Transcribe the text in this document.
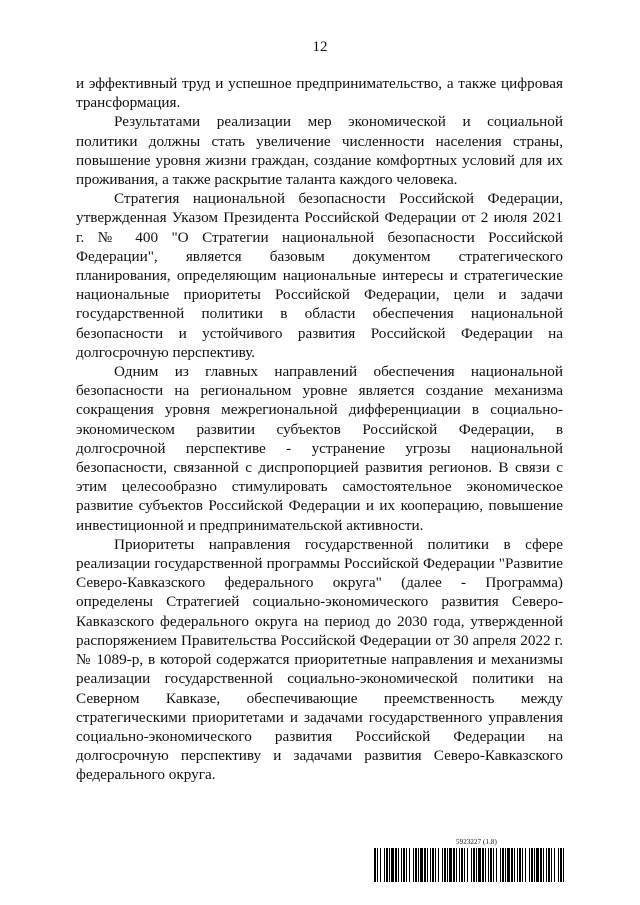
12

и эффективный труд и успешное предпринимательство, а также цифровая трансформация.

Результатами реализации мер экономической и социальной политики должны стать увеличение численности населения страны, повышение уровня жизни граждан, создание комфортных условий для их проживания, а также раскрытие таланта каждого человека.

Стратегия национальной безопасности Российской Федерации, утвержденная Указом Президента Российской Федерации от 2 июля 2021 г. № 400 "О Стратегии национальной безопасности Российской Федерации", является базовым документом стратегического планирования, определяющим национальные интересы и стратегические национальные приоритеты Российской Федерации, цели и задачи государственной политики в области обеспечения национальной безопасности и устойчивого развития Российской Федерации на долгосрочную перспективу.

Одним из главных направлений обеспечения национальной безопасности на региональном уровне является создание механизма сокращения уровня межрегиональной дифференциации в социально-экономическом развитии субъектов Российской Федерации, в долгосрочной перспективе - устранение угрозы национальной безопасности, связанной с диспропорцией развития регионов. В связи с этим целесообразно стимулировать самостоятельное экономическое развитие субъектов Российской Федерации и их кооперацию, повышение инвестиционной и предпринимательской активности.

Приоритеты направления государственной политики в сфере реализации государственной программы Российской Федерации "Развитие Северо-Кавказского федерального округа" (далее - Программа) определены Стратегией социально-экономического развития Северо-Кавказского федерального округа на период до 2030 года, утвержденной распоряжением Правительства Российской Федерации от 30 апреля 2022 г. № 1089-р, в которой содержатся приоритетные направления и механизмы реализации государственной социально-экономической политики на Северном Кавказе, обеспечивающие преемственность между стратегическими приоритетами и задачами государственного управления социально-экономического развития Российской Федерации на долгосрочную перспективу и задачами развития Северо-Кавказского федерального округа.

5923227 (1.8)
